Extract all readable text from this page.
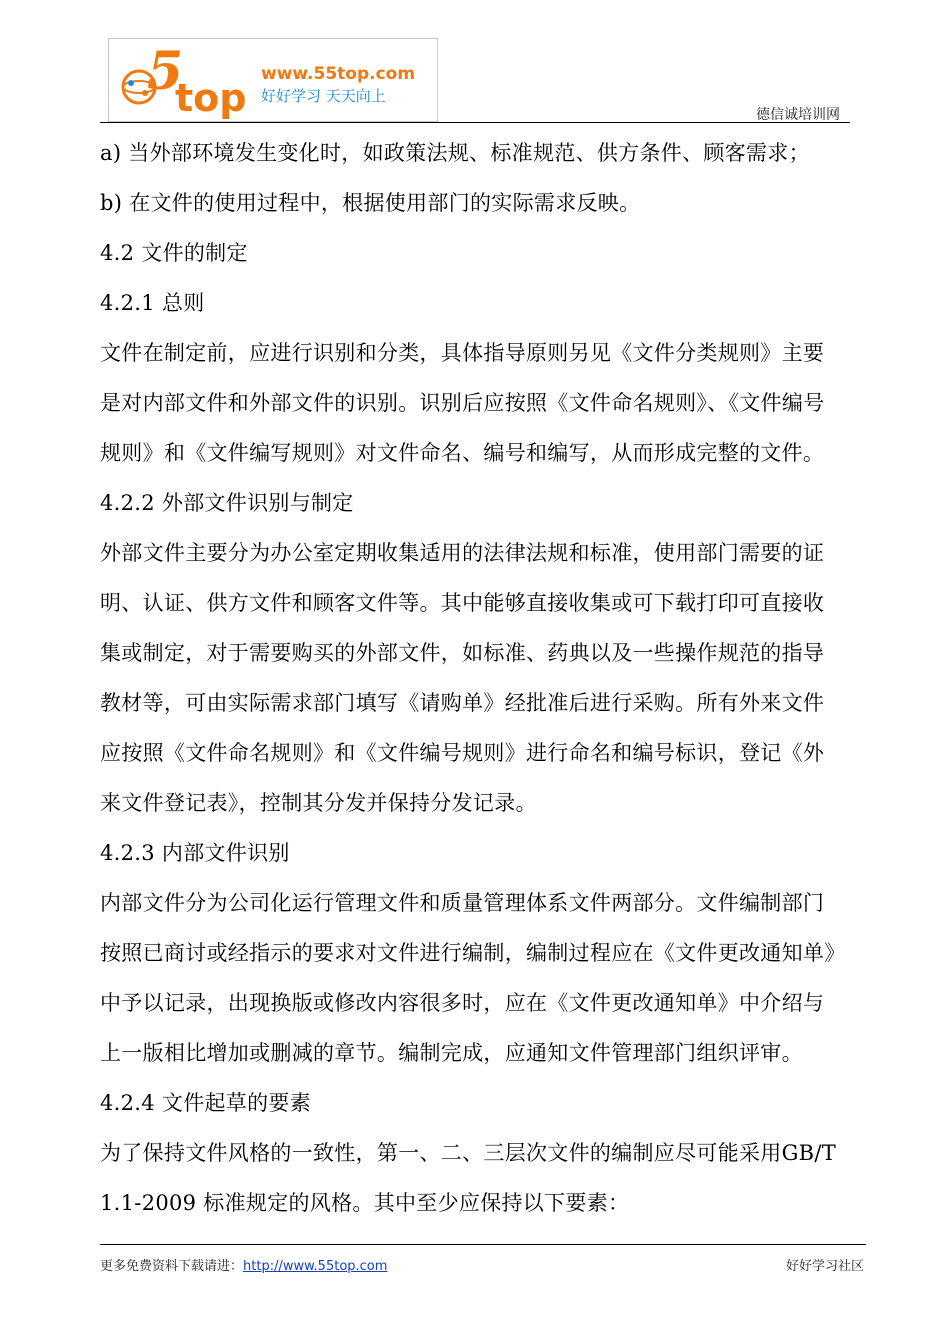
5
top
www.55top.com
好好学习 天天向上
德信诚培训网
a) 当外部环境发生变化时，如政策法规、标准规范、供方条件、顾客需求；
b) 在文件的使用过程中，根据使用部门的实际需求反映。
4.2 文件的制定
4.2.1 总则
文件在制定前，应进行识别和分类，具体指导原则另见《文件分类规则》主要
是对内部文件和外部文件的识别。识别后应按照《文件命名规则》、《文件编号
规则》和《文件编写规则》对文件命名、编号和编写，从而形成完整的文件。
4.2.2 外部文件识别与制定
外部文件主要分为办公室定期收集适用的法律法规和标准，使用部门需要的证
明、认证、供方文件和顾客文件等。其中能够直接收集或可下载打印可直接收
集或制定，对于需要购买的外部文件，如标准、药典以及一些操作规范的指导
教材等，可由实际需求部门填写《请购单》经批准后进行采购。所有外来文件
应按照《文件命名规则》和《文件编号规则》进行命名和编号标识，登记《外
来文件登记表》，控制其分发并保持分发记录。
4.2.3 内部文件识别
内部文件分为公司化运行管理文件和质量管理体系文件两部分。文件编制部门
按照已商讨或经指示的要求对文件进行编制，编制过程应在《文件更改通知单》
中予以记录，出现换版或修改内容很多时，应在《文件更改通知单》中介绍与
上一版相比增加或删减的章节。编制完成，应通知文件管理部门组织评审。
4.2.4 文件起草的要素
为了保持文件风格的一致性，第一、二、三层次文件的编制应尽可能采用GB/T
1.1-2009 标准规定的风格。其中至少应保持以下要素：
更多免费资料下载请进：http://www.55top.com	好好学习社区
